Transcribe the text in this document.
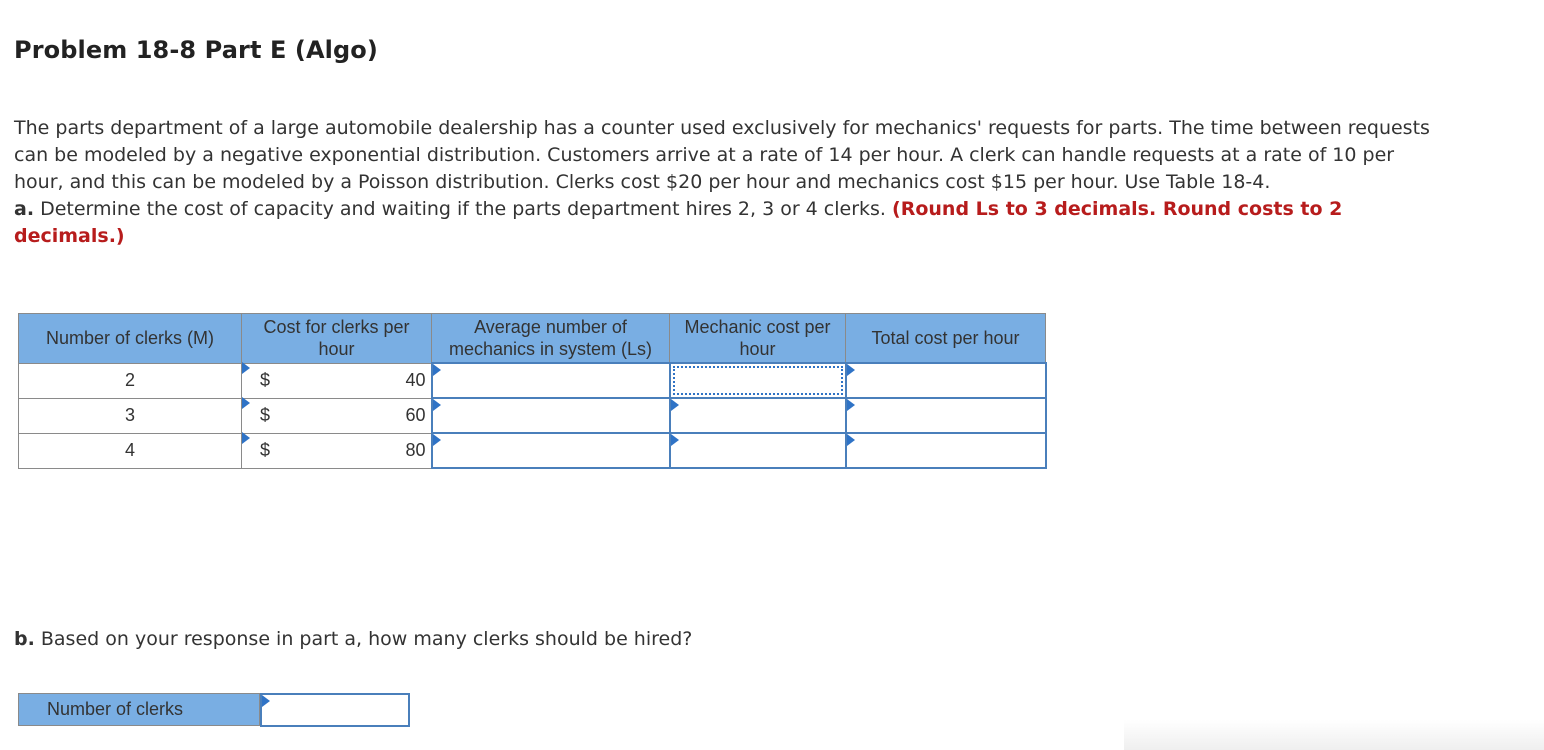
Problem 18-8 Part E (Algo)

The parts department of a large automobile dealership has a counter used exclusively for mechanics' requests for parts. The time between requests can be modeled by a negative exponential distribution. Customers arrive at a rate of 14 per hour. A clerk can handle requests at a rate of 10 per hour, and this can be modeled by a Poisson distribution. Clerks cost $20 per hour and mechanics cost $15 per hour. Use Table 18-4.

a. Determine the cost of capacity and waiting if the parts department hires 2, 3 or 4 clerks. (Round Ls to 3 decimals. Round costs to 2 decimals.)

Number of clerks (M)	Cost for clerks per hour	Average number of mechanics in system (Ls)	Mechanic cost per hour	Total cost per hour
2	$ 40			

3	$ 60			

4	$ 80			

b. Based on your response in part a, how many clerks should be hired?
Number of clerks
